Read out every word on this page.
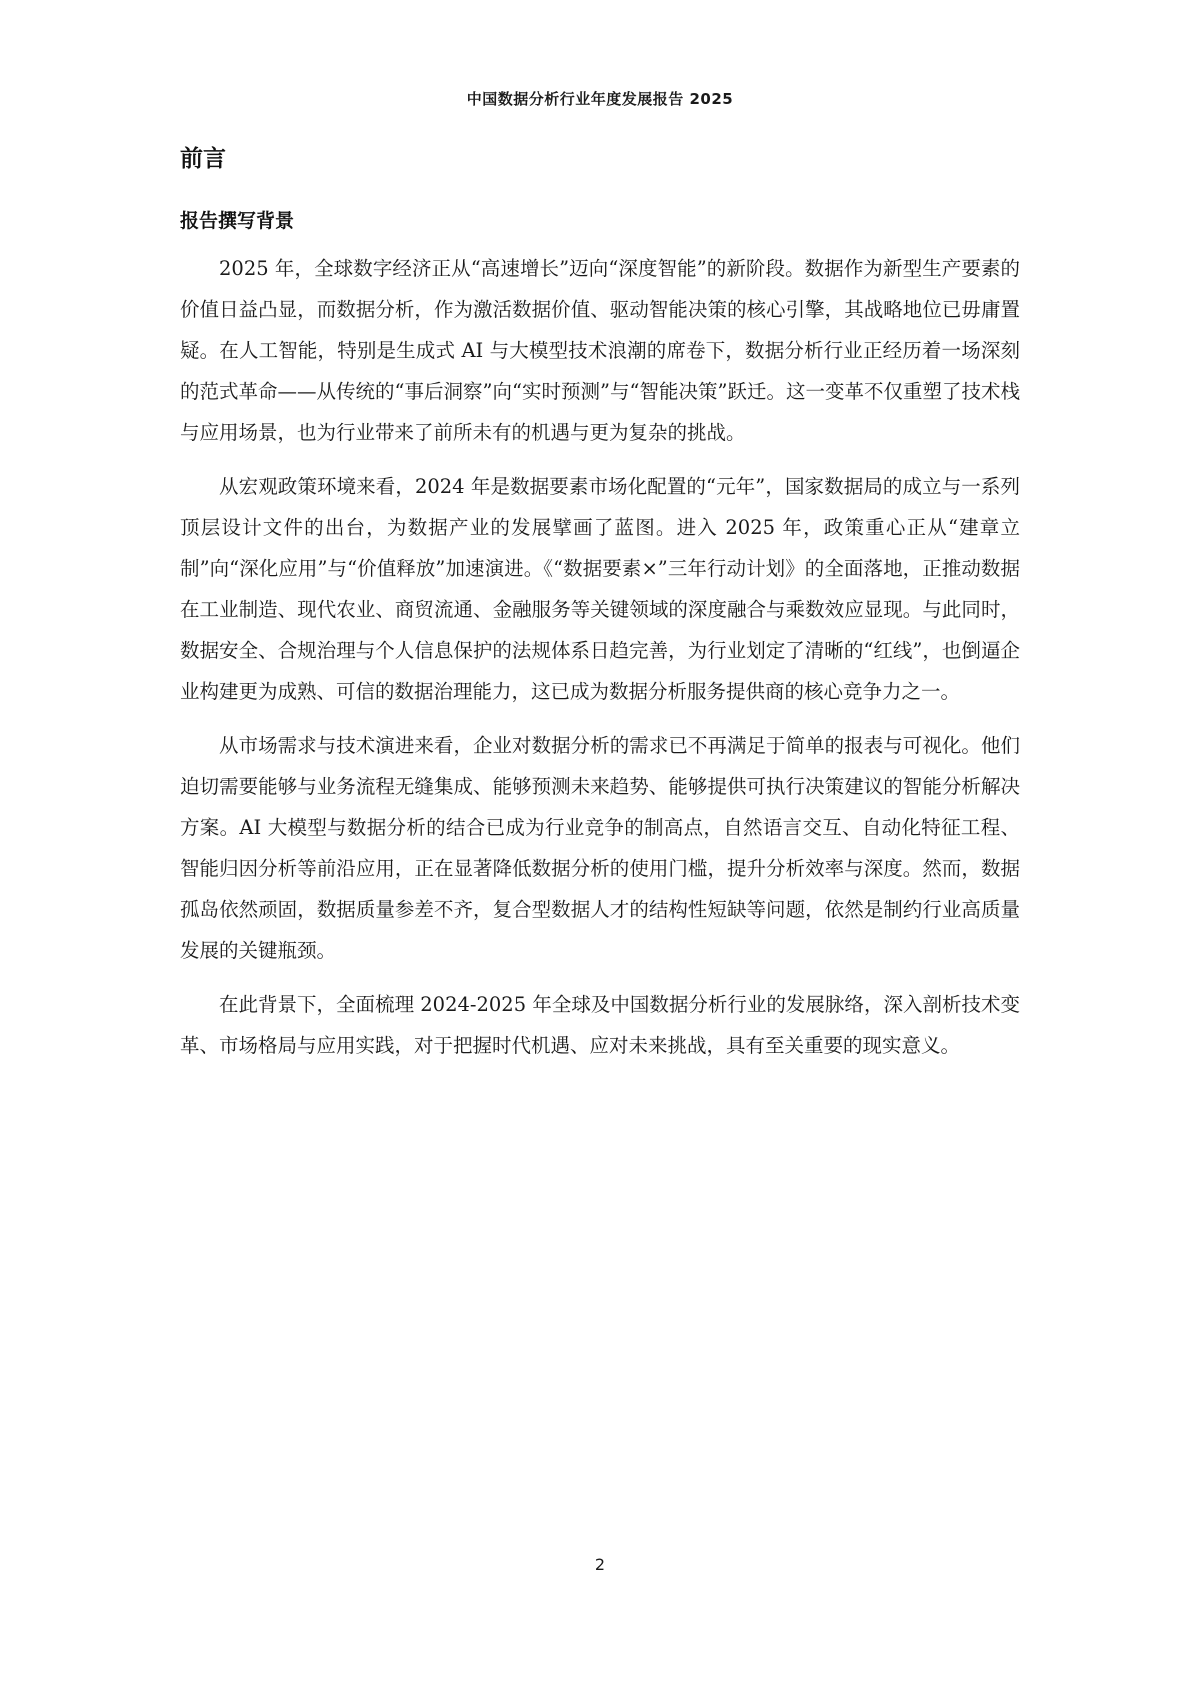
中国数据分析行业年度发展报告 2025
前言
报告撰写背景

2025 年，全球数字经济正从“高速增长”迈向“深度智能”的新阶段。数据作为新型生产要素的价值日益凸显，而数据分析，作为激活数据价值、驱动智能决策的核心引擎，其战略地位已毋庸置疑。在人工智能，特别是生成式 AI 与大模型技术浪潮的席卷下，数据分析行业正经历着一场深刻的范式革命——从传统的“事后洞察”向“实时预测”与“智能决策”跃迁。这一变革不仅重塑了技术栈与应用场景，也为行业带来了前所未有的机遇与更为复杂的挑战。

从宏观政策环境来看，2024 年是数据要素市场化配置的“元年”，国家数据局的成立与一系列顶层设计文件的出台，为数据产业的发展擘画了蓝图。进入 2025 年，政策重心正从“建章立制”向“深化应用”与“价值释放”加速演进。《“数据要素×”三年行动计划》的全面落地，正推动数据在工业制造、现代农业、商贸流通、金融服务等关键领域的深度融合与乘数效应显现。与此同时，数据安全、合规治理与个人信息保护的法规体系日趋完善，为行业划定了清晰的“红线”，也倒逼企业构建更为成熟、可信的数据治理能力，这已成为数据分析服务提供商的核心竞争力之一。

从市场需求与技术演进来看，企业对数据分析的需求已不再满足于简单的报表与可视化。他们迫切需要能够与业务流程无缝集成、能够预测未来趋势、能够提供可执行决策建议的智能分析解决方案。AI 大模型与数据分析的结合已成为行业竞争的制高点，自然语言交互、自动化特征工程、智能归因分析等前沿应用，正在显著降低数据分析的使用门槛，提升分析效率与深度。然而，数据孤岛依然顽固，数据质量参差不齐，复合型数据人才的结构性短缺等问题，依然是制约行业高质量发展的关键瓶颈。

在此背景下，全面梳理 2024-2025 年全球及中国数据分析行业的发展脉络，深入剖析技术变革、市场格局与应用实践，对于把握时代机遇、应对未来挑战，具有至关重要的现实意义。

2
